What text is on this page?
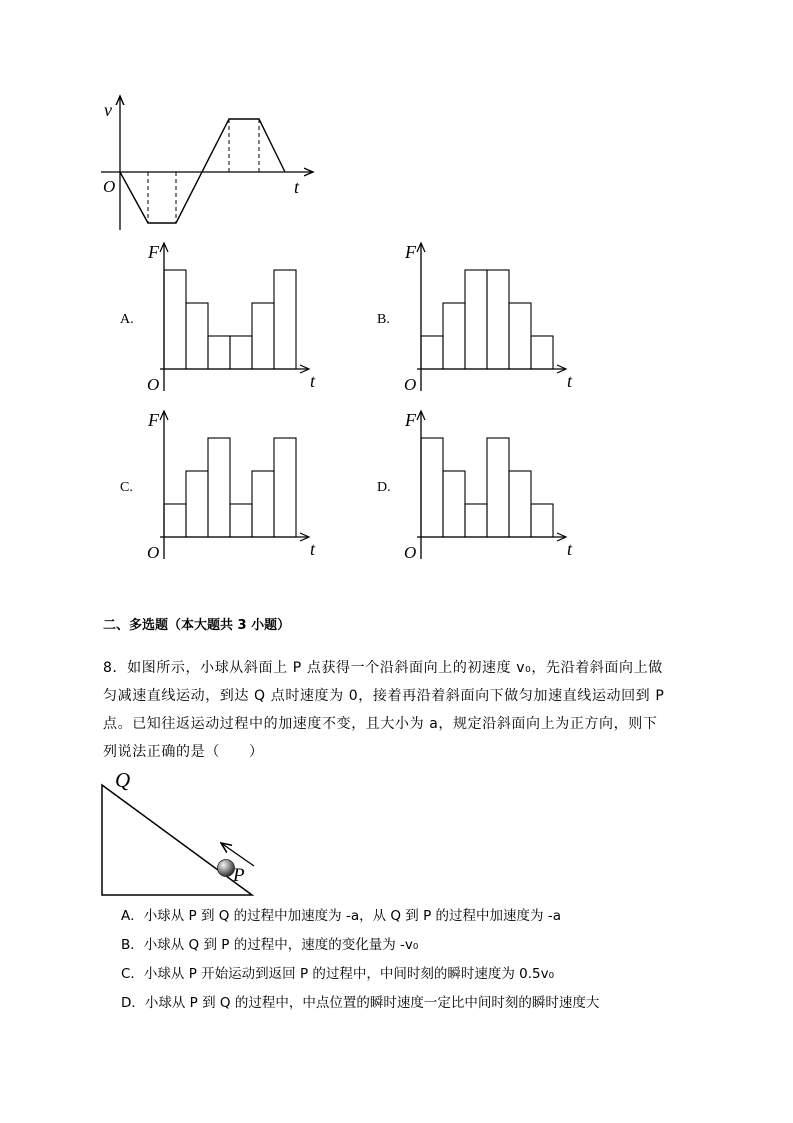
v
O	t
A.	B.
C.	D.
F
O	t
F
O	t
F
O	t
F
O	t
二、多选题（本大题共 3 小题）
8．如图所示，小球从斜面上 P 点获得一个沿斜面向上的初速度 v₀，先沿着斜面向上做
匀减速直线运动，到达 Q 点时速度为 0，接着再沿着斜面向下做匀加速直线运动回到 P
点。已知往返运动过程中的加速度不变，且大小为 a，规定沿斜面向上为正方向，则下
列说法正确的是（　　）
Q
P
A．小球从 P 到 Q 的过程中加速度为 -a，从 Q 到 P 的过程中加速度为 -a
B．小球从 Q 到 P 的过程中，速度的变化量为 -v₀
C．小球从 P 开始运动到返回 P 的过程中，中间时刻的瞬时速度为 0.5v₀
D．小球从 P 到 Q 的过程中，中点位置的瞬时速度一定比中间时刻的瞬时速度大
